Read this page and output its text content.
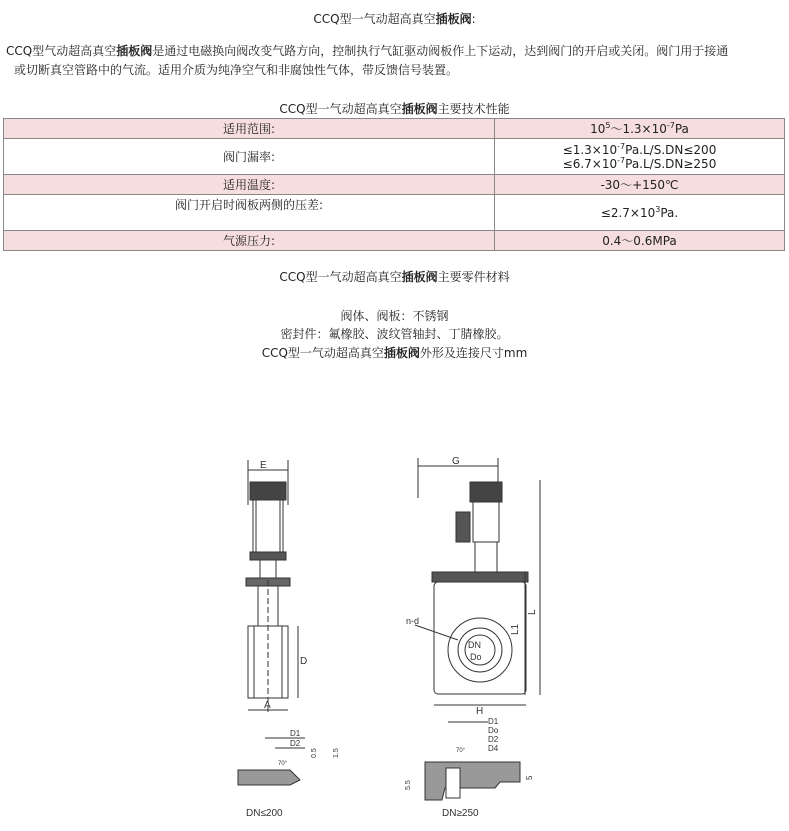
CCQ型一气动超高真空插板阀:
CCQ型气动超高真空插板阀是通过电磁换向阀改变气路方向，控制执行气缸驱动阀板作上下运动，达到阀门的开启或关闭。阀门用于接通
或切断真空管路中的气流。适用介质为纯净空气和非腐蚀性气体，带反馈信号装置。
CCQ型一气动超高真空插板阀主要技术性能
适用范围:	$10^5\sim 1.3\times 10^{-7}Pa$
阀门漏率:	$\le 1.3\times 10^{-7}Pa.L/S.DN\le 200$
$\le 6.7\times 10^{-7}Pa.L/S.DN\ge 250$

适用温度:	-30～+150℃
阀门开启时阀板两侧的压差:	$\le 2.7\times 10^3Pa$.
气源压力:	0.4～0.6MPa
CCQ型一气动超高真空插板阀主要零件材料
阀体、阀板：不锈钢
密封件：氟橡胶、波纹管轴封、丁腈橡胶。
CCQ型一气动超高真空插板阀外形及连接尺寸mm
E
A
D
G
DN
Do
n-d
H
L1
L
D1
D2
0.5 1.5
70°
DN≤200
D1
Do
D2
D4
70°
5.5
5
DN≥250
